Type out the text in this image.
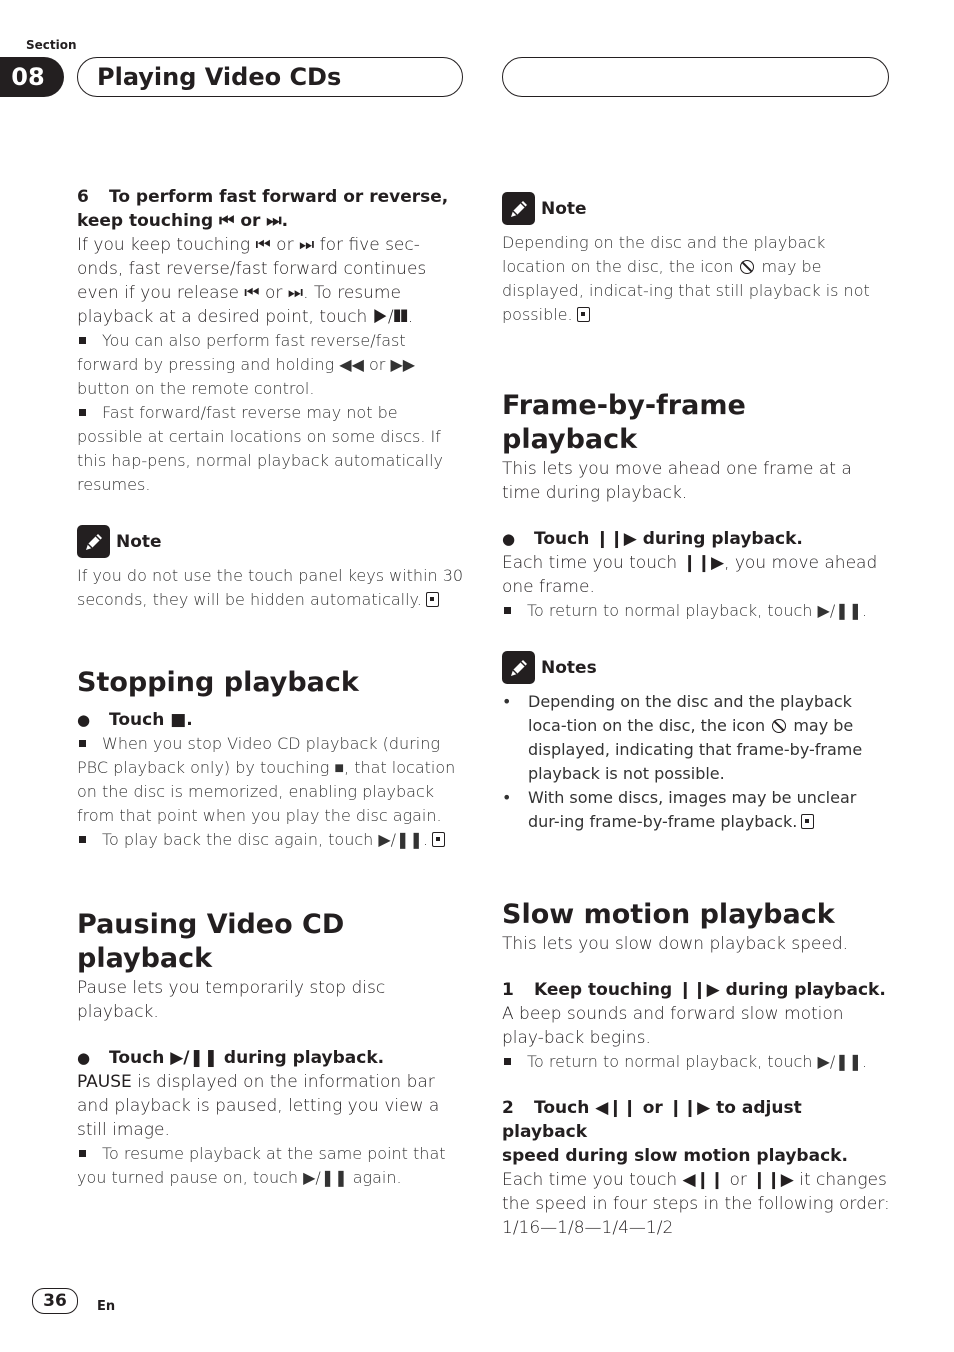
Section
08	Playing Video CDs

6 To perform fast forward or reverse,
keep touching ⏮ or ⏭.

If you keep touching ⏮ or ⏭ for five sec-onds, fast reverse/fast forward continues even if you release ⏮ or ⏭. To resume playback at a desired point, touch ▶/❚❚.

You can also perform fast reverse/fast forward by pressing and holding ◀◀ or ▶▶ button on the remote control.

Fast forward/fast reverse may not be possible at certain locations on some discs. If this hap-pens, normal playback automatically resumes.

Note

If you do not use the touch panel keys within 30 seconds, they will be hidden automatically.

Stopping playback

● Touch ■.

When you stop Video CD playback (during PBC playback only) by touching ■, that location on the disc is memorized, enabling playback from that point when you play the disc again.

To play back the disc again, touch ▶/❚❚.

Pausing Video CD playback

Pause lets you temporarily stop disc playback.

● Touch ▶/❚❚ during playback.

PAUSE is displayed on the information bar and playback is paused, letting you view a still image.

To resume playback at the same point that you turned pause on, touch ▶/❚❚ again.

Note

Depending on the disc and the playback location on the disc, the icon may be displayed, indicat-ing that still playback is not possible.

Frame-by-frame playback

This lets you move ahead one frame at a time during playback.

● Touch ❙❙▶ during playback.

Each time you touch ❙❙▶, you move ahead one frame.

To return to normal playback, touch ▶/❚❚.

Notes
•	Depending on the disc and the playback loca-tion on the disc, the icon may be displayed, indicating that frame-by-frame playback is not possible.
•	With some discs, images may be unclear dur-ing frame-by-frame playback.
Slow motion playback

This lets you slow down playback speed.

1 Keep touching ❙❙▶ during playback.

A beep sounds and forward slow motion play-back begins.

To return to normal playback, touch ▶/❚❚.

2 Touch ◀❙❙ or ❙❙▶ to adjust playback
speed during slow motion playback.

Each time you touch ◀❙❙ or ❙❙▶ it changes the speed in four steps in the following order:

1/16—1/8—1/4—1/2

36	En
